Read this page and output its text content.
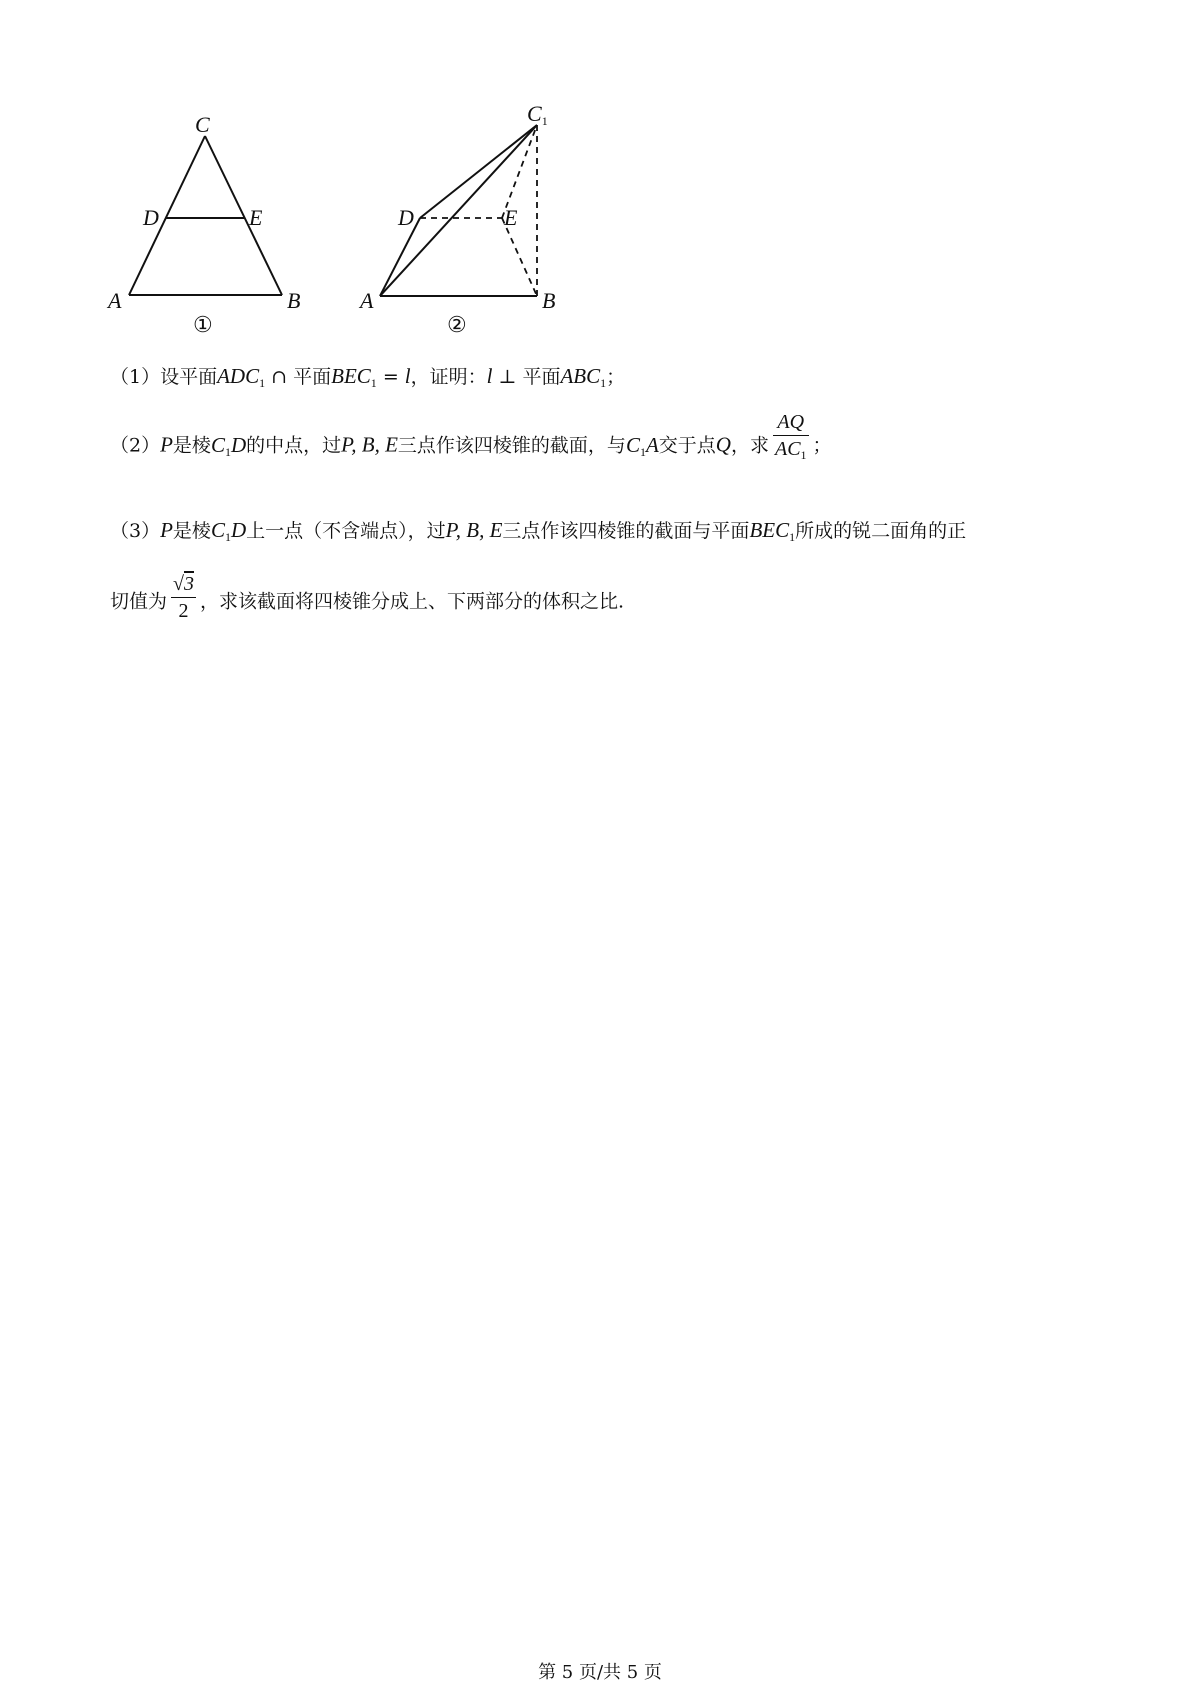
C
D	E
A	B
①
C1
D	E
A	B
②
（1）设平面$ADC_1$ ∩ 平面$BEC_1 = l$，证明：l ⊥ 平面$ABC_1$；
（2）P是棱$C_1D$的中点，过P, B, E三点作该四棱锥的截面，与$C_1A$交于点Q，求 $\frac{AQ}{AC_1}$ ；
（3）P是棱$C_1D$上一点（不含端点），过P, B, E三点作该四棱锥的截面与平面$BEC_1$所成的锐二面角的正
切值为 $\frac{√3}{2}$ ，求该截面将四棱锥分成上、下两部分的体积之比.
第 5 页/共 5 页
